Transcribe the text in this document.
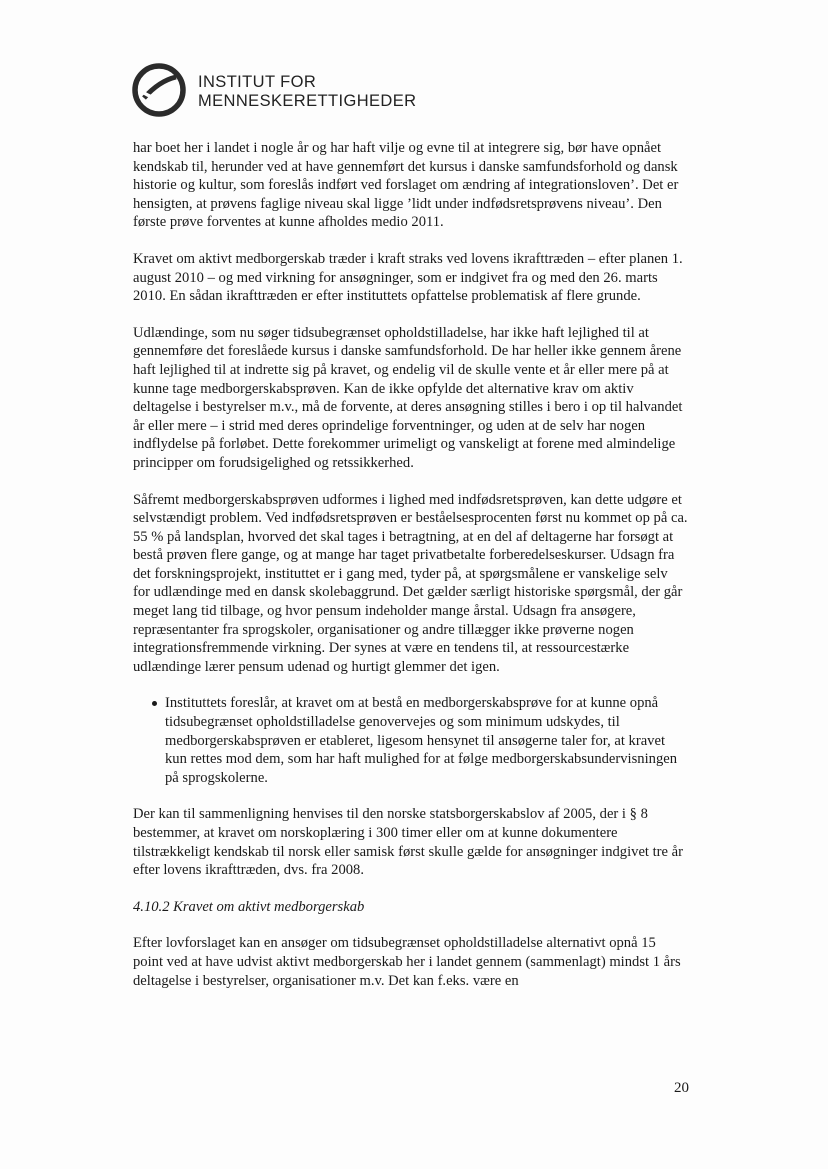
INSTITUT FOR
MENNESKERETTIGHEDER

har boet her i landet i nogle år og har haft vilje og evne til at integrere sig, bør have opnået kendskab til, herunder ved at have gennemført det kursus i danske samfundsforhold og dansk historie og kultur, som foreslås indført ved forslaget om ændring af integrationsloven’. Det er hensigten, at prøvens faglige niveau skal ligge ’lidt under indfødsretsprøvens niveau’. Den første prøve forventes at kunne afholdes medio 2011.

Kravet om aktivt medborgerskab træder i kraft straks ved lovens ikrafttræden – efter planen 1. august 2010 – og med virkning for ansøgninger, som er indgivet fra og med den 26. marts 2010. En sådan ikrafttræden er efter instituttets opfattelse problematisk af flere grunde.

Udlændinge, som nu søger tidsubegrænset opholdstilladelse, har ikke haft lejlighed til at gennemføre det foreslåede kursus i danske samfundsforhold. De har heller ikke gennem årene haft lejlighed til at indrette sig på kravet, og endelig vil de skulle vente et år eller mere på at kunne tage medborgerskabsprøven. Kan de ikke opfylde det alternative krav om aktiv deltagelse i bestyrelser m.v., må de forvente, at deres ansøgning stilles i bero i op til halvandet år eller mere – i strid med deres oprindelige forventninger, og uden at de selv har nogen indflydelse på forløbet. Dette forekommer urimeligt og vanskeligt at forene med almindelige principper om forudsigelighed og retssikkerhed.

Såfremt medborgerskabsprøven udformes i lighed med indfødsretsprøven, kan dette udgøre et selvstændigt problem. Ved indfødsretsprøven er beståelsesprocenten først nu kommet op på ca. 55 % på landsplan, hvorved det skal tages i betragtning, at en del af deltagerne har forsøgt at bestå prøven flere gange, og at mange har taget privatbetalte forberedelseskurser. Udsagn fra det forskningsprojekt, instituttet er i gang med, tyder på, at spørgsmålene er vanskelige selv for udlændinge med en dansk skolebaggrund. Det gælder særligt historiske spørgsmål, der går meget lang tid tilbage, og hvor pensum indeholder mange årstal. Udsagn fra ansøgere, repræsentanter fra sprogskoler, organisationer og andre tillægger ikke prøverne nogen integrationsfremmende virkning. Der synes at være en tendens til, at ressourcestærke udlændinge lærer pensum udenad og hurtigt glemmer det igen.

Instituttets foreslår, at kravet om at bestå en medborgerskabsprøve for at kunne opnå tidsubegrænset opholdstilladelse genovervejes og som minimum udskydes, til medborgerskabsprøven er etableret, ligesom hensynet til ansøgerne taler for, at kravet kun rettes mod dem, som har haft mulighed for at følge medborgerskabsundervisningen på sprogskolerne.

Der kan til sammenligning henvises til den norske statsborgerskabslov af 2005, der i § 8 bestemmer, at kravet om norskoplæring i 300 timer eller om at kunne dokumentere tilstrækkeligt kendskab til norsk eller samisk først skulle gælde for ansøgninger indgivet tre år efter lovens ikrafttræden, dvs. fra 2008.

4.10.2 Kravet om aktivt medborgerskab

Efter lovforslaget kan en ansøger om tidsubegrænset opholdstilladelse alternativt opnå 15 point ved at have udvist aktivt medborgerskab her i landet gennem (sammenlagt) mindst 1 års deltagelse i bestyrelser, organisationer m.v. Det kan f.eks. være en

20
